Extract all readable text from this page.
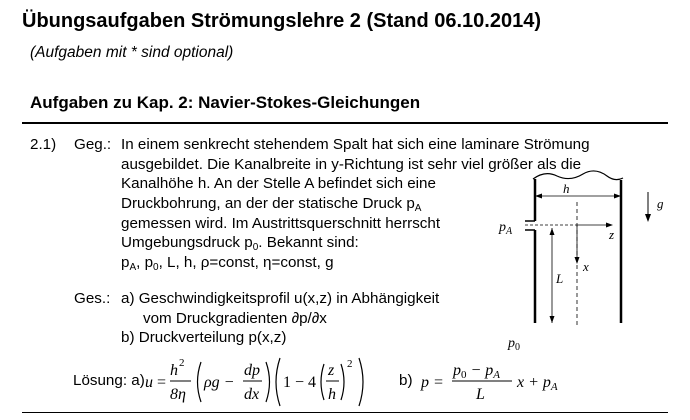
Übungsaufgaben Strömungslehre 2 (Stand 06.10.2014)
(Aufgaben mit * sind optional)
Aufgaben zu Kap. 2: Navier-Stokes-Gleichungen
2.1) Geg.: In einem senkrecht stehendem Spalt hat sich eine laminare Strömung
ausgebildet. Die Kanalbreite in y-Richtung ist sehr viel größer als die
Kanalhöhe h. An der Stelle A befindet sich eine
Druckbohrung, an der der statische Druck $p_A$
gemessen wird. Im Austrittsquerschnitt herrscht
Umgebungsdruck $p_0$. Bekannt sind:
$p_A$, $p_0$, L, h, ρ=const, η=const, g
Ges.: a) Geschwindigkeitsprofil u(x,z) in Abhängigkeit
vom Druckgradienten ∂p/∂x
b) Druckverteilung p(x,z)
Lösung: a) u =
h 2
8η
ρg −
dp
dx
1 − 4
z
h
2
b) p =
p0 − pA
L
x + pA
h
z
x
L
$p_A$
$p_0$
g
